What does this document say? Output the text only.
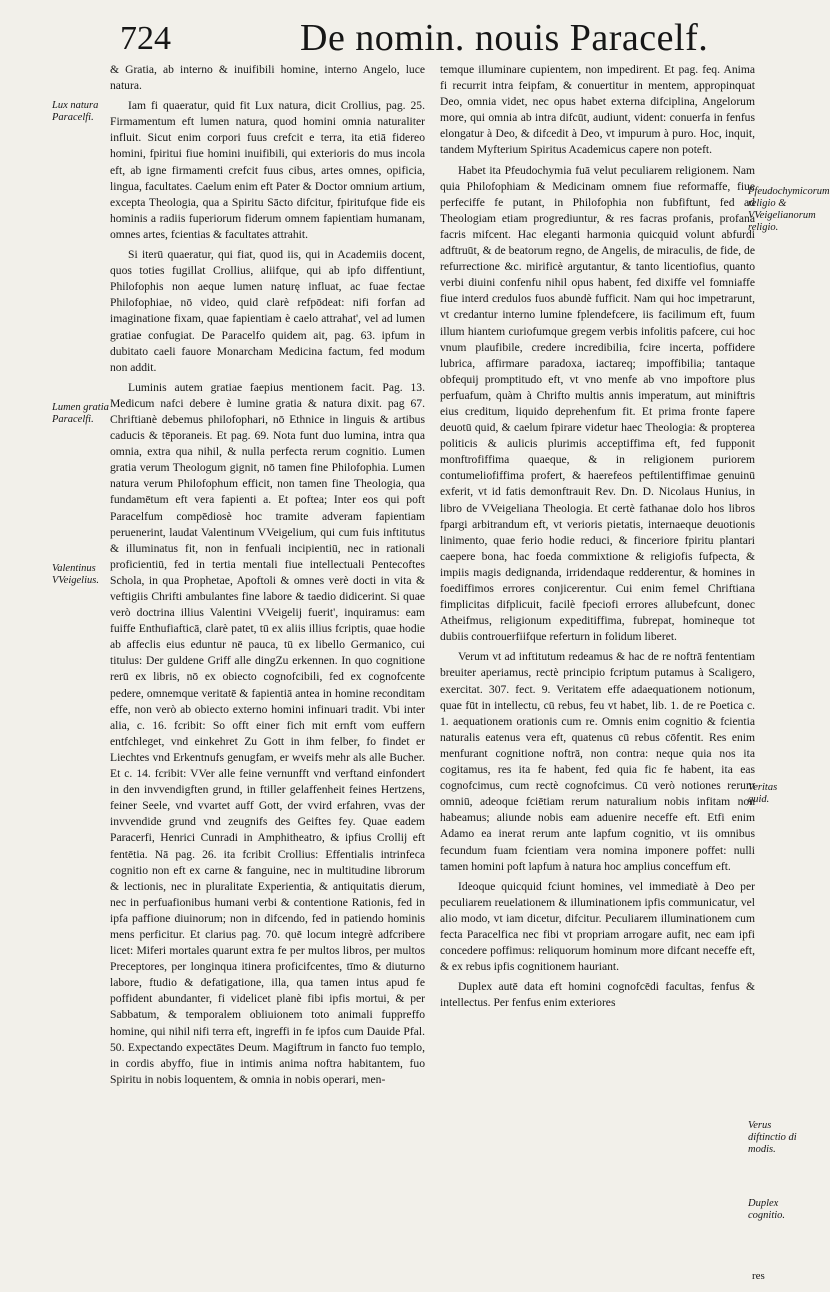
724	De nomin. nouis Paracelf.
Lux natura Paracelfi.
Lumen gratia Paracelfi.
Valentinus VVeigelius.
Pfeudochymicorum religio & VVeigelianorum religio.
Veritas quid.
Verus diftinctio di modis.
Duplex cognitio.

& Gratia, ab interno & inuifibili homine, interno Angelo, luce natura.

Iam fi quaeratur, quid fit Lux natura, dicit Crollius, pag. 25. Firmamentum eft lumen natura, quod homini omnia naturaliter influit. Sicut enim corpori fuus crefcit e terra, ita etiā fidereo homini, fpiritui fiue homini inuifibili, qui exterioris do mus incola eft, ab igne firmamenti crefcit fuus cibus, artes omnes, opificia, lingua, facultates. Caelum enim eft Pater & Doctor omnium artium, excepta Theologia, qua a Spiritu Sācto difcitur, fpiritufque fide eis hominis a radiis fuperiorum fiderum omnem fapientiam humanam, omnes artes, fcientias & facultates attrahit.

Si iterū quaeratur, qui fiat, quod iis, qui in Academiis docent, quos toties fugillat Crollius, aliifque, qui ab ipfo diffentiunt, Philofophis non aeque lumen naturę influat, ac fuae fectae Philofophiae, nō video, quid clarè refpōdeat: nifi forfan ad imaginatione fixam, quae fapientiam è caelo attrahat', vel ad lumen gratiae confugiat. De Paracelfo quidem ait, pag. 63. ipfum in dubitato caeli fauore Monarcham Medicina factum, fed modum non addit.

Luminis autem gratiae faepius mentionem facit. Pag. 13. Medicum nafci debere è lumine gratia & natura dixit. pag 67. Chriftianè debemus philofophari, nō Ethnice in linguis & artibus caducis & tēporaneis. Et pag. 69. Nota funt duo lumina, intra qua omnia, extra qua nihil, & nulla perfecta rerum cognitio. Lumen gratia verum Theologum gignit, nō tamen fine Philofophia. Lumen natura verum Philofophum efficit, non tamen fine Theologia, qua fundamētum eft vera fapienti a. Et poftea; Inter eos qui poft Paracelfum compēdiosè hoc tramite adveram fapientiam peruenerint, laudat Valentinum VVeigelium, qui cum fuis inftitutus & illuminatus fit, non in fenfuali incipientiū, nec in rationali proficientiū, fed in tertia mentali fiue intellectuali Pentecoftes Schola, in qua Prophetae, Apoftoli & omnes verè docti in vita & veftigiis Chrifti ambulantes fine labore & taedio didicerint. Si quae verò doctrina illius Valentini VVeigelij fuerit', inquiramus: eam fuiffe Enthufiafticā, clarè patet, tū ex aliis illius fcriptis, quae hodie ab affeclis eius eduntur nē pauca, tū ex libello Germanico, cui titulus: Der guldene Griff alle dingZu erkennen. In quo cognitione rerū ex libris, nō ex obiecto cognofcibili, fed ex cognofcente pedere, omnemque veritatē & fapientiā antea in homine reconditam effe, non verò ab obiecto externo homini infinuari tradit. Vbi inter alia, c. 16. fcribit: So offt einer fich mit ernft vom euffern entfchleget, vnd einkehret Zu Gott in ihm felber, fo findet er Liechtes vnd Erkentnufs genugfam, er wveifs mehr als alle Bucher. Et c. 14. fcribit: VVer alle feine vernunfft vnd verftand einfondert in den invvendigften grund, in ftiller gelaffenheit feines Hertzens, feiner Seele, vnd vvartet auff Gott, der vvird erfahren, vvas der invvendide grund vnd zeugnifs des Geiftes fey. Quae eadem Paracerfi, Henrici Cunradi in Amphitheatro, & ipfius Crollij eft fentētia. Nā pag. 26. ita fcribit Crollius: Effentialis intrinfeca cognitio non eft ex carne & fanguine, nec in multitudine librorum & lectionis, nec in pluralitate Experientia, & antiquitatis dierum, nec in perfuafionibus humani verbi & contentione Rationis, fed in ipfa paffione diuinorum; non in difcendo, fed in patiendo hominis mens perficitur. Et clarius pag. 70. quē locum integrè adfcribere licet: Miferi mortales quarunt extra fe per multos libros, per multos Preceptores, per longinqua itinera proficifcentes, tīmo & diuturno labore, ftudio & defatigatione, illa, qua tamen intus apud fe poffident abundanter, fi videlicet planè fibi ipfis mortui, & per Sabbatum, & temporalem obliuionem toto animali fuppreffo homine, qui nihil nifi terra eft, ingreffi in fe ipfos cum Dauide Pfal. 50. Expectando expectātes Deum. Magiftrum in fancto fuo templo, in cordis abyffo, fiue in intimis anima noftra habitantem, fuo Spiritu in nobis loquentem, & omnia in nobis operari, men-

temque illuminare cupientem, non impedirent. Et pag. feq. Anima fi recurrit intra feipfam, & conuertitur in mentem, appropinquat Deo, omnia videt, nec opus habet externa difciplina, Angelorum more, qui omnia ab intra difcūt, audiunt, vident: conuerfa in fenfus elongatur à Deo, & difcedit à Deo, vt impurum à puro. Hoc, inquit, tandem Myfterium Spiritus Academicus capere non poteft.

Habet ita Pfeudochymia fuā velut peculiarem religionem. Nam quia Philofophiam & Medicinam omnem fiue reformaffe, fiue perfeciffe fe putant, in Philofophia non fubfiftunt, fed ad Theologiam etiam progrediuntur, & res facras profanis, profana facris mifcent. Hac eleganti harmonia quicquid volunt abfurdi adftruūt, & de beatorum regno, de Angelis, de miraculis, de fide, de refurrectione &c. mirificè argutantur, & tanto licentiofius, quanto verbi diuini confenfu nihil opus habent, fed dixiffe vel fomniaffe fiue interd credulos fuos abundè fufficit. Nam qui hoc impetrarunt, vt credantur interno lumine fplendefcere, iis facilimum eft, fuum illum hiantem curiofumque gregem verbis infolitis pafcere, cui hoc vnum plaufibile, credere incredibilia, fcire incerta, poffidere lubrica, affirmare paradoxa, iactareq; impoffibilia; tantaque obfequij promptitudo eft, vt vno menfe ab vno impoftore plus perfuafum, quàm à Chrifto multis annis imperatum, aut miniftris eius creditum, liquido deprehenfum fit. Et prima fronte fapere deuotū quid, & caelum fpirare videtur haec Theologia: & propterea politicis & aulicis plurimis acceptiffima eft, fed fupponit monftrofiffima quaeque, & in religionem puriorem contumeliofiffima profert, & haerefeos peftilentiffimae genuinū exferit, vt id fatis demonftrauit Rev. Dn. D. Nicolaus Hunius, in libro de VVeigeliana Theologia. Et certè fathanae dolo hos libros fpargi arbitrandum eft, vt verioris pietatis, internaeque deuotionis linimento, quae ferio hodie reduci, & finceriore fpiritu plantari caepere bona, hac foeda commixtione & religiofis fufpecta, & impiis magis dedignanda, irridendaque redderentur, & homines in foediffimos errores conjicerentur. Cui enim femel Chriftiana fimplicitas difplicuit, facilè fpeciofi errores allubefcunt, donec Atheifmus, religionum expeditiffima, fubrepat, homineque tot dubiis controuerfiifque referturn in folidum liberet.

Verum vt ad inftitutum redeamus & hac de re noftrā fententiam breuiter aperiamus, rectè principio fcriptum putamus à Scaligero, exercitat. 307. fect. 9. Veritatem effe adaequationem notionum, quae fūt in intellectu, cū rebus, feu vt habet, lib. 1. de re Poetica c. 1. aequationem orationis cum re. Omnis enim cognitio & fcientia naturalis eatenus vera eft, quatenus cū rebus cōfentit. Res enim menfurant cognitione noftrā, non contra: neque quia nos ita cogitamus, res ita fe habent, fed quia fic fe habent, ita eas cognofcimus, cum rectè cognofcimus. Cū verò notiones rerum omniū, adeoque fciētiam rerum naturalium nobis infitam non habeamus; aliunde nobis eam aduenire neceffe eft. Etfi enim Adamo ea inerat rerum ante lapfum cognitio, vt iis omnibus fecundum fuam fcientiam vera nomina imponere poffet: nulli tamen homini poft lapfum à natura hoc amplius conceffum eft.

Ideoque quicquid fciunt homines, vel immediatè à Deo per peculiarem reuelationem & illuminationem ipfis communicatur, vel alio modo, vt iam dicetur, difcitur. Peculiarem illuminationem cum fecta Paracelfica nec fibi vt propriam arrogare aufit, nec eam ipfi concedere poffimus: reliquorum hominum more difcant neceffe eft, & ex rebus ipfis cognitionem hauriant.

Duplex autē data eft homini cognofcēdi facultas, fenfus & intellectus. Per fenfus enim exteriores

res
